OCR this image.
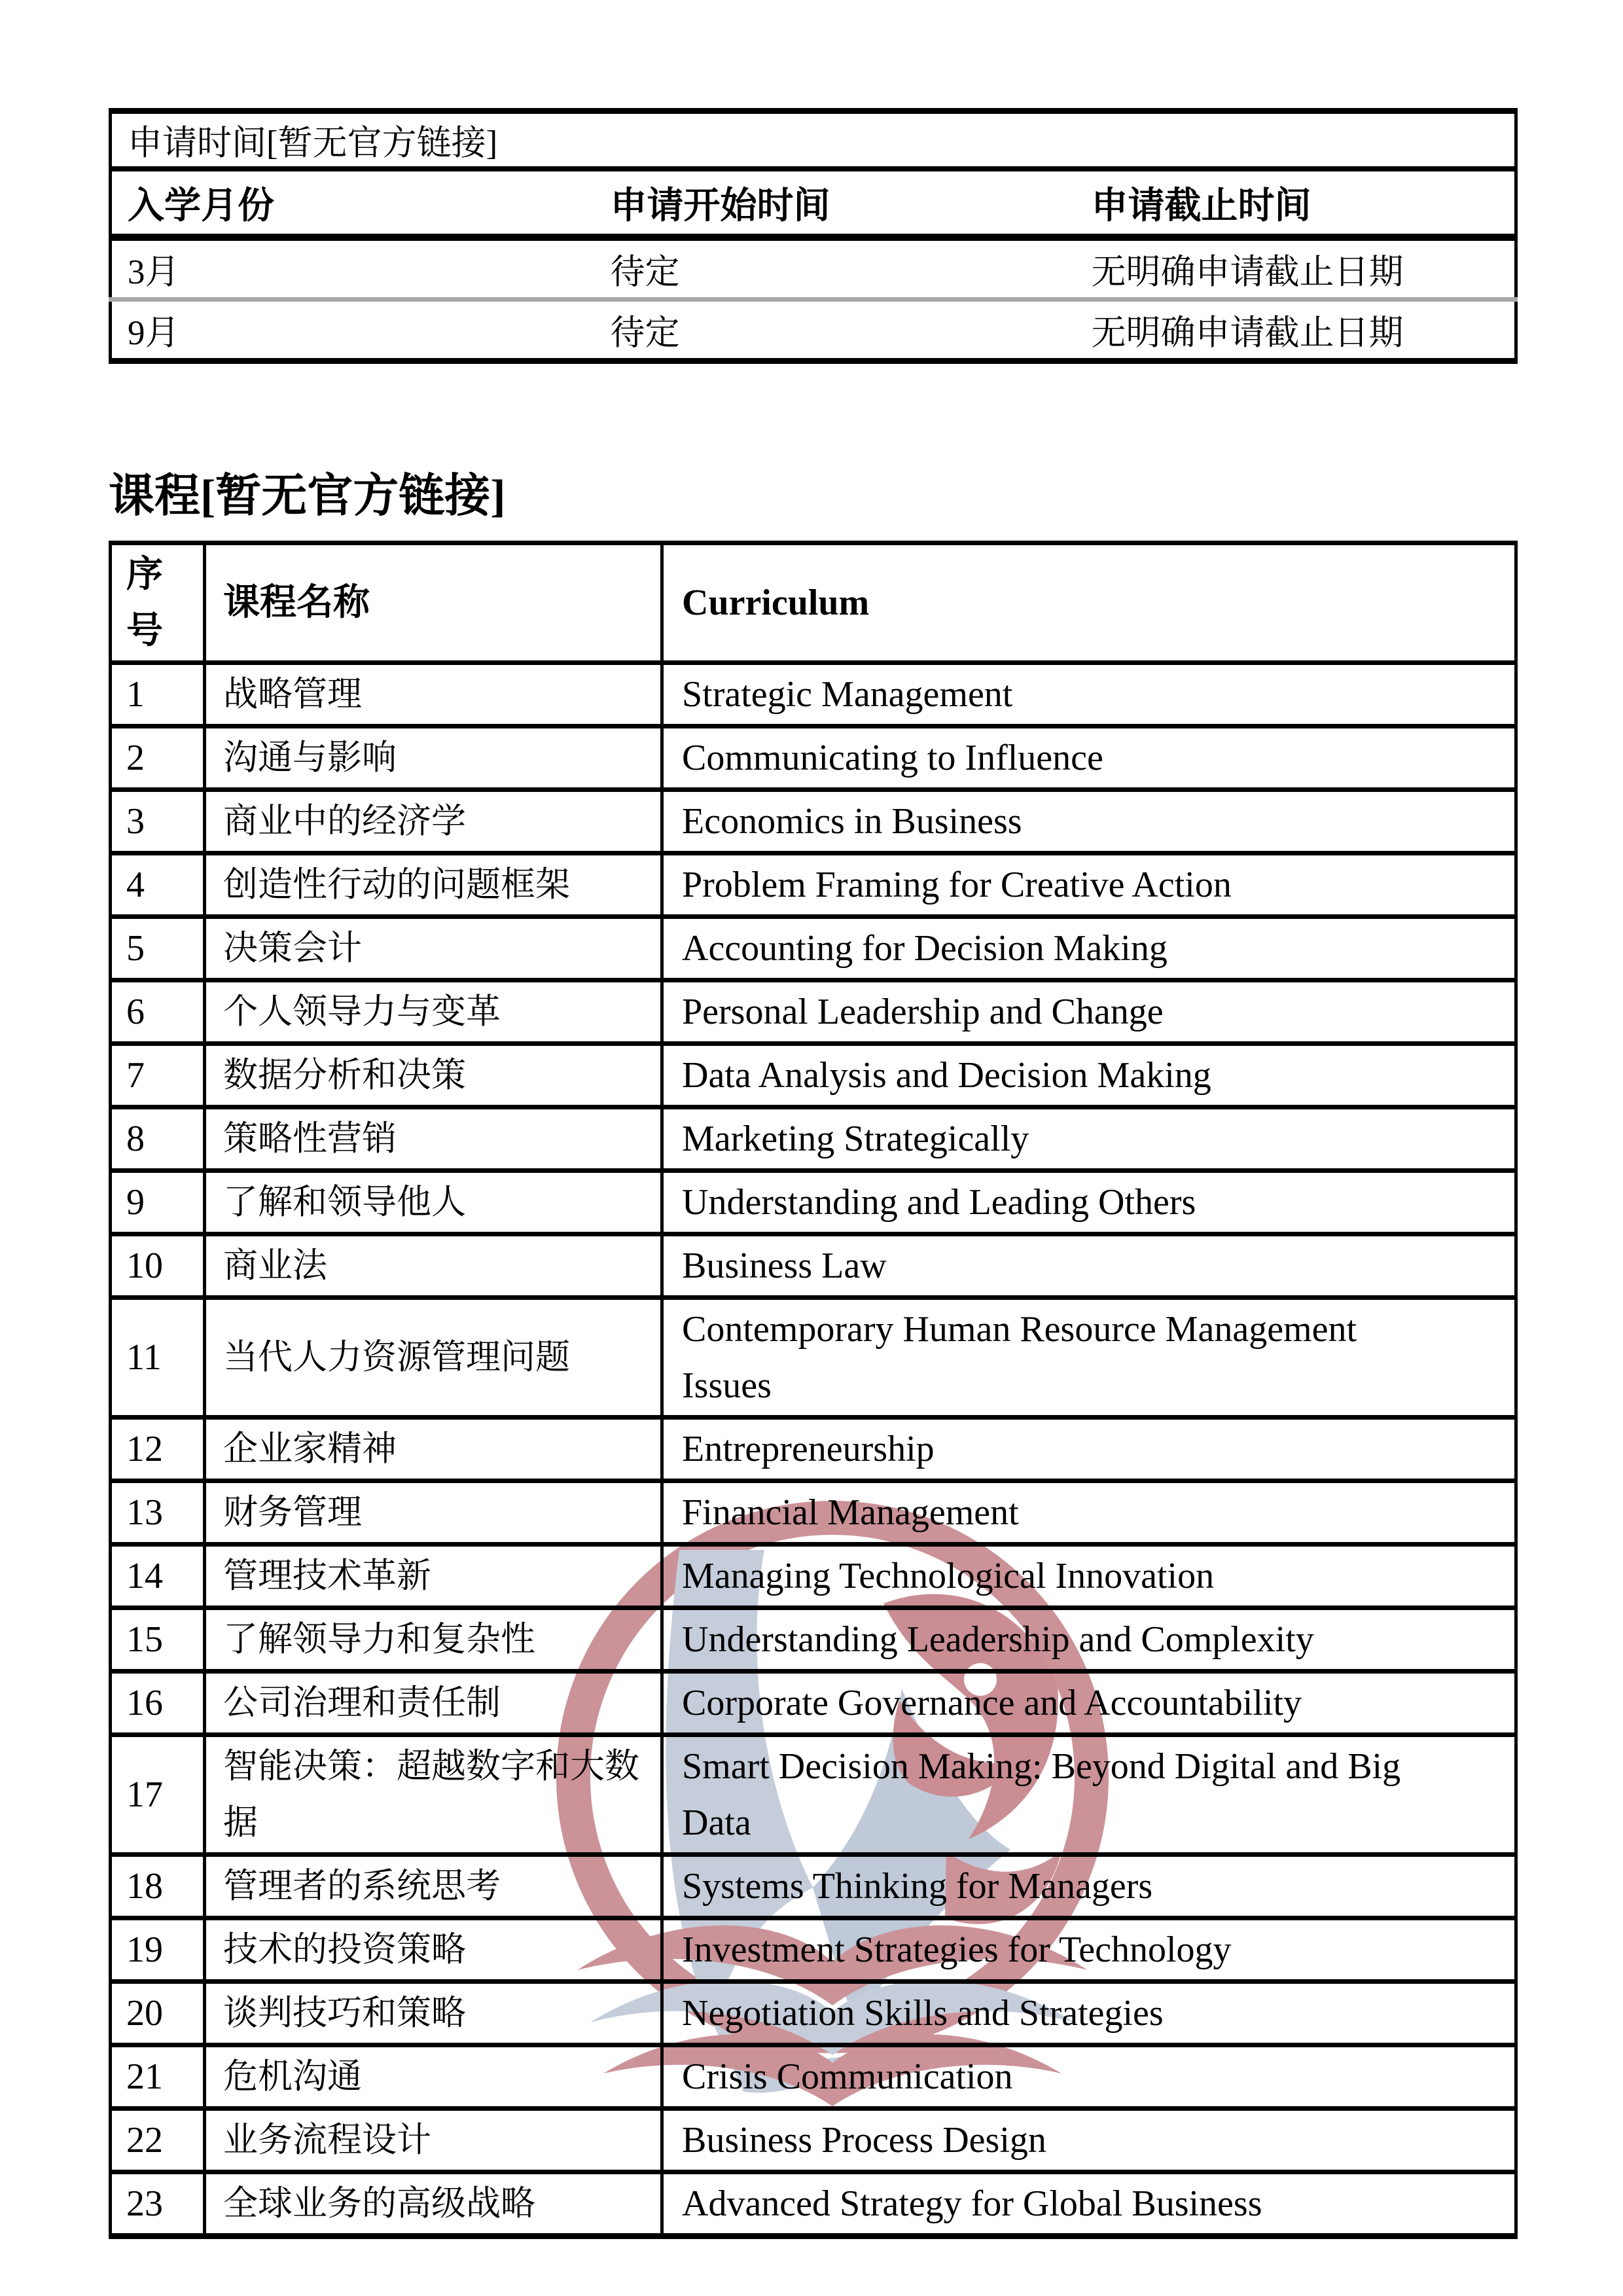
申请时间[暂无官方链接]		
入学月份	申请开始时间	申请截止时间
3月	待定	无明确申请截止日期
9月	待定	无明确申请截止日期
课程[暂无官方链接]
序号	课程名称	Curriculum
1	战略管理	Strategic Management
2	沟通与影响	Communicating to Influence
3	商业中的经济学	Economics in Business
4	创造性行动的问题框架	Problem Framing for Creative Action
5	决策会计	Accounting for Decision Making
6	个人领导力与变革	Personal Leadership and Change
7	数据分析和决策	Data Analysis and Decision Making
8	策略性营销	Marketing Strategically
9	了解和领导他人	Understanding and Leading Others
10	商业法	Business Law
11	当代人力资源管理问题	Contemporary Human Resource Management Issues
12	企业家精神	Entrepreneurship
13	财务管理	Financial Management
14	管理技术革新	Managing Technological Innovation
15	了解领导力和复杂性	Understanding Leadership and Complexity
16	公司治理和责任制	Corporate Governance and Accountability
17	智能决策：超越数字和大数据	Smart Decision Making: Beyond Digital and Big Data
18	管理者的系统思考	Systems Thinking for Managers
19	技术的投资策略	Investment Strategies for Technology
20	谈判技巧和策略	Negotiation Skills and Strategies
21	危机沟通	Crisis Communication
22	业务流程设计	Business Process Design
23	全球业务的高级战略	Advanced Strategy for Global Business
